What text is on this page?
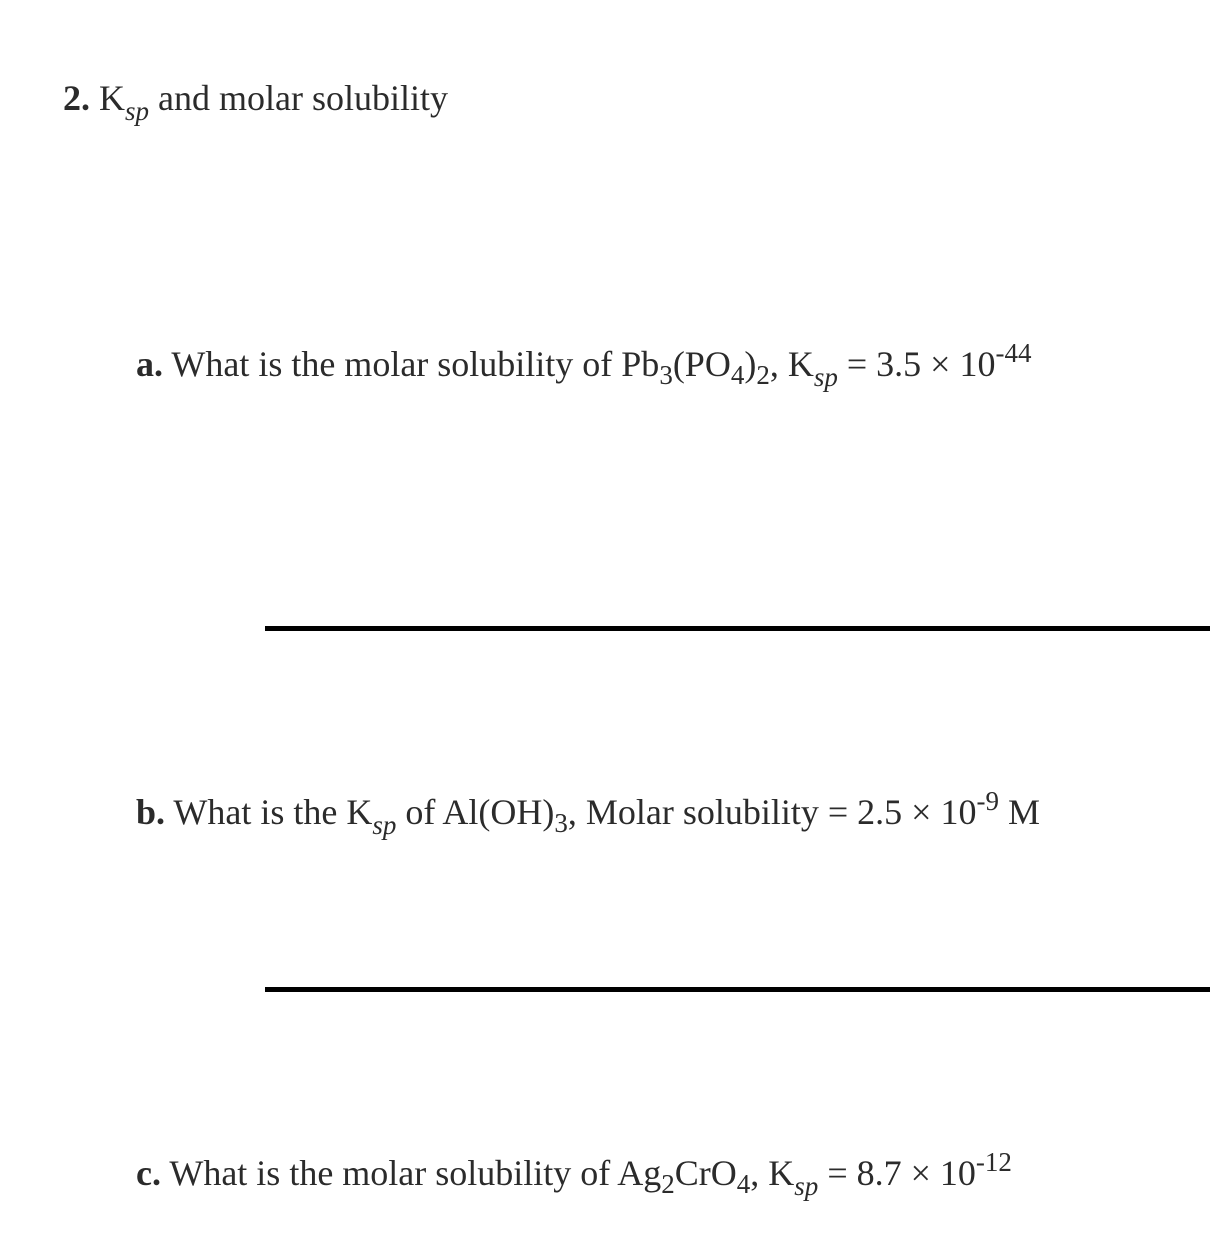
2. $K_{sp}$ and molar solubility
a. What is the molar solubility of $Pb_3(PO_4)_2$, $K_{sp} = 3.5 \times 10^{-44}$
b. What is the $K_{sp}$ of $Al(OH)_3$, Molar solubility = $2.5 \times 10^{-9}$ M
c. What is the molar solubility of $Ag_2CrO_4$, $K_{sp} = 8.7 \times 10^{-12}$
